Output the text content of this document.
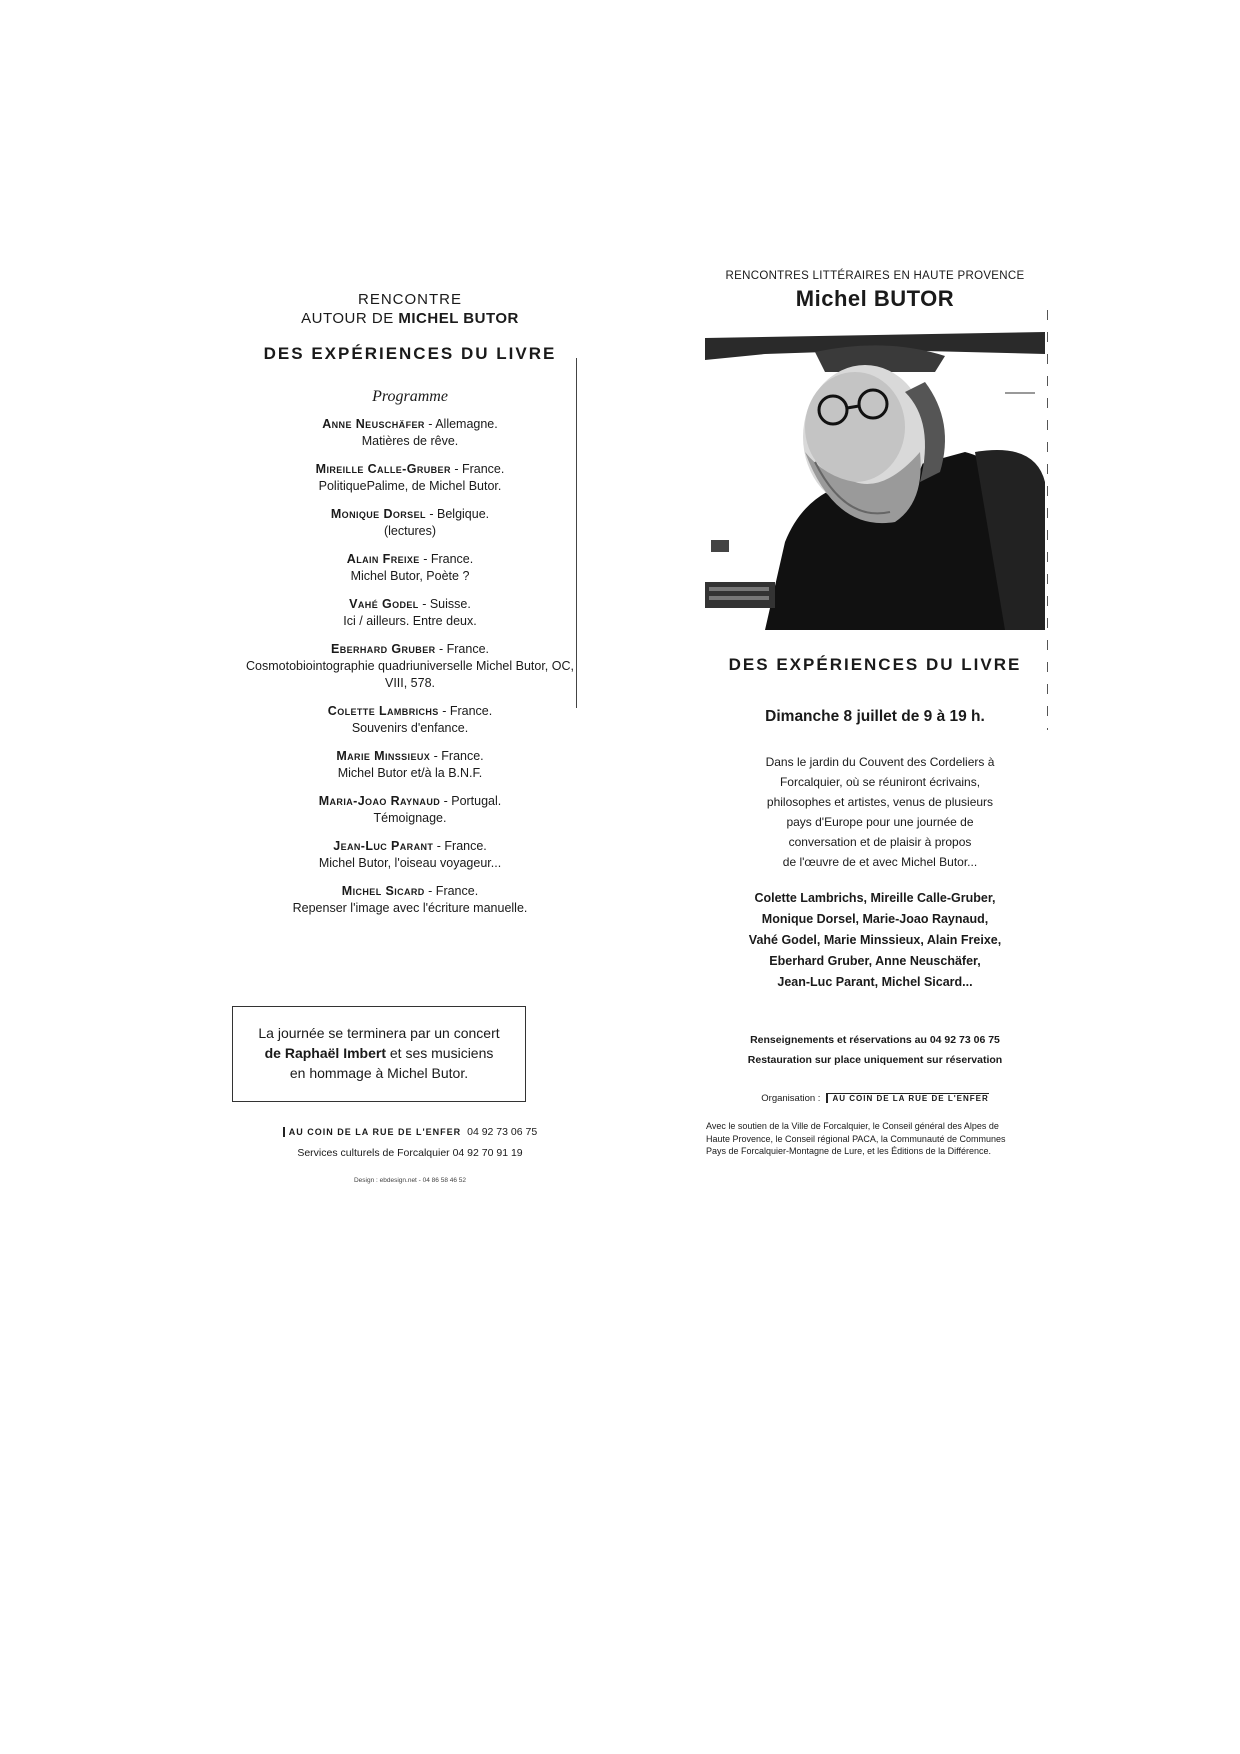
RENCONTRE

AUTOUR DE MICHEL BUTOR

DES EXPÉRIENCES DU LIVRE

Programme

Anne Neuschäfer - Allemagne.
Matières de rêve.
Mireille Calle-Gruber - France.
PolitiquePalime, de Michel Butor.
Monique Dorsel - Belgique.
(lectures)
Alain Freixe - France.
Michel Butor, Poète ?
Vahé Godel - Suisse.
Ici / ailleurs. Entre deux.
Eberhard Gruber - France.
Cosmotobiointographie quadriuniverselle Michel Butor, OC, VIII, 578.
Colette Lambrichs - France.
Souvenirs d'enfance.
Marie Minssieux - France.
Michel Butor et/à la B.N.F.
Maria-Joao Raynaud - Portugal.
Témoignage.
Jean-Luc Parant - France.
Michel Butor, l'oiseau voyageur...
Michel Sicard - France.
Repenser l'image avec l'écriture manuelle.
La journée se terminera par un concert
de Raphaël Imbert et ses musiciens
en hommage à Michel Butor.
AU COIN DE LA RUE DE L'ENFER 04 92 73 06 75
Services culturels de Forcalquier 04 92 70 91 19
Design : ebdesign.net - 04 86 58 46 52

RENCONTRES LITTÉRAIRES EN HAUTE PROVENCE

Michel BUTOR

DES EXPÉRIENCES DU LIVRE
Dimanche 8 juillet de 9 à 19 h.
Dans le jardin du Couvent des Cordeliers à
Forcalquier, où se réuniront écrivains,
philosophes et artistes, venus de plusieurs
pays d'Europe pour une journée de
conversation et de plaisir à propos
de l'œuvre de et avec Michel Butor...
Colette Lambrichs, Mireille Calle-Gruber,
Monique Dorsel, Marie-Joao Raynaud,
Vahé Godel, Marie Minssieux, Alain Freixe,
Eberhard Gruber, Anne Neuschäfer,
Jean-Luc Parant, Michel Sicard...
Renseignements et réservations au 04 92 73 06 75
Restauration sur place uniquement sur réservation
Organisation : AU COIN DE LA RUE DE L'ENFER
Avec le soutien de la Ville de Forcalquier, le Conseil général des Alpes de Haute Provence, le Conseil régional PACA, la Communauté de Communes Pays de Forcalquier-Montagne de Lure, et les Éditions de la Différence.
